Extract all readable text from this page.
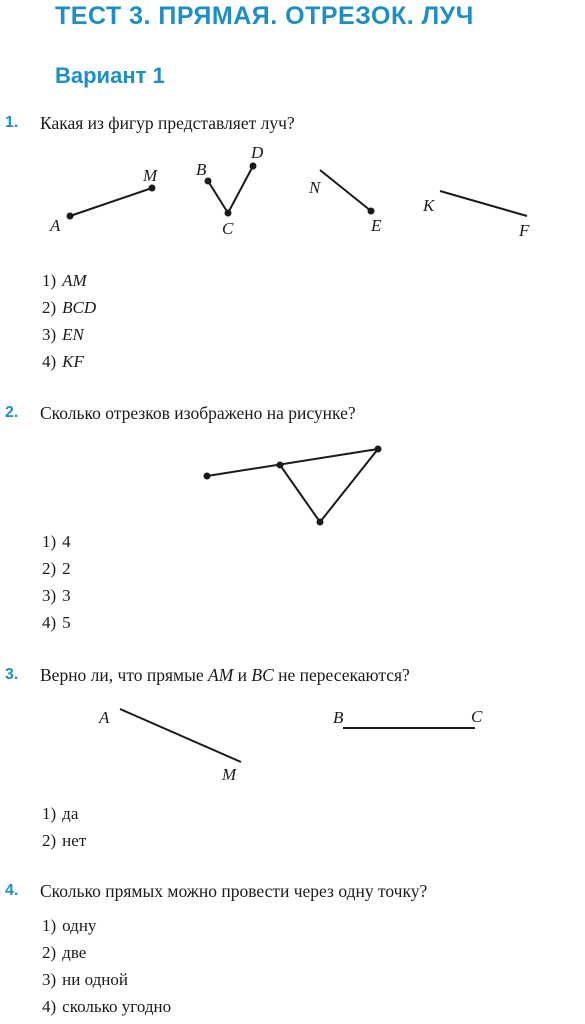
ТЕСТ 3. ПРЯМАЯ. ОТРЕЗОК. ЛУЧ
Вариант 1
1. Какая из фигур представляет луч?
A
M B
C
D
N
E
K
F
A
M
B	C
1) AM
2) BCD
3) EN
4) KF
2. Сколько отрезков изображено на рисунке?
1) 4
2) 2
3) 3
4) 5
3. Верно ли, что прямые AM и BC не пересекаются?
1) да
2) нет
4. Сколько прямых можно провести через одну точку?
1) одну
2) две
3) ни одной
4) сколько угодно
